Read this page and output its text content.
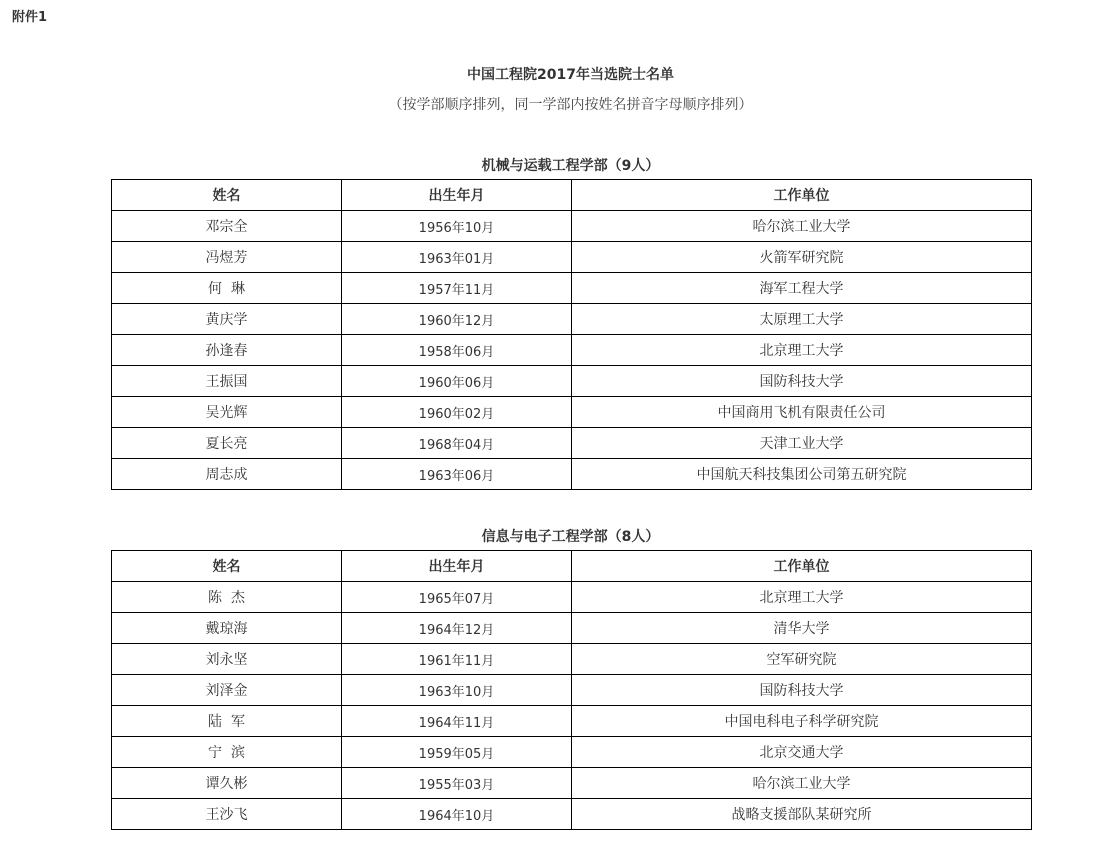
附件1
中国工程院2017年当选院士名单
（按学部顺序排列，同一学部内按姓名拼音字母顺序排列）
机械与运载工程学部（9人）
姓名	出生年月	工作单位
邓宗全	1956年10月	哈尔滨工业大学
冯煜芳	1963年01月	火箭军研究院
何  琳	1957年11月	海军工程大学
黄庆学	1960年12月	太原理工大学
孙逢春	1958年06月	北京理工大学
王振国	1960年06月	国防科技大学
吴光辉	1960年02月	中国商用飞机有限责任公司
夏长亮	1968年04月	天津工业大学
周志成	1963年06月	中国航天科技集团公司第五研究院
信息与电子工程学部（8人）
姓名	出生年月	工作单位
陈  杰	1965年07月	北京理工大学
戴琼海	1964年12月	清华大学
刘永坚	1961年11月	空军研究院
刘泽金	1963年10月	国防科技大学
陆  军	1964年11月	中国电科电子科学研究院
宁  滨	1959年05月	北京交通大学
谭久彬	1955年03月	哈尔滨工业大学
王沙飞	1964年10月	战略支援部队某研究所
